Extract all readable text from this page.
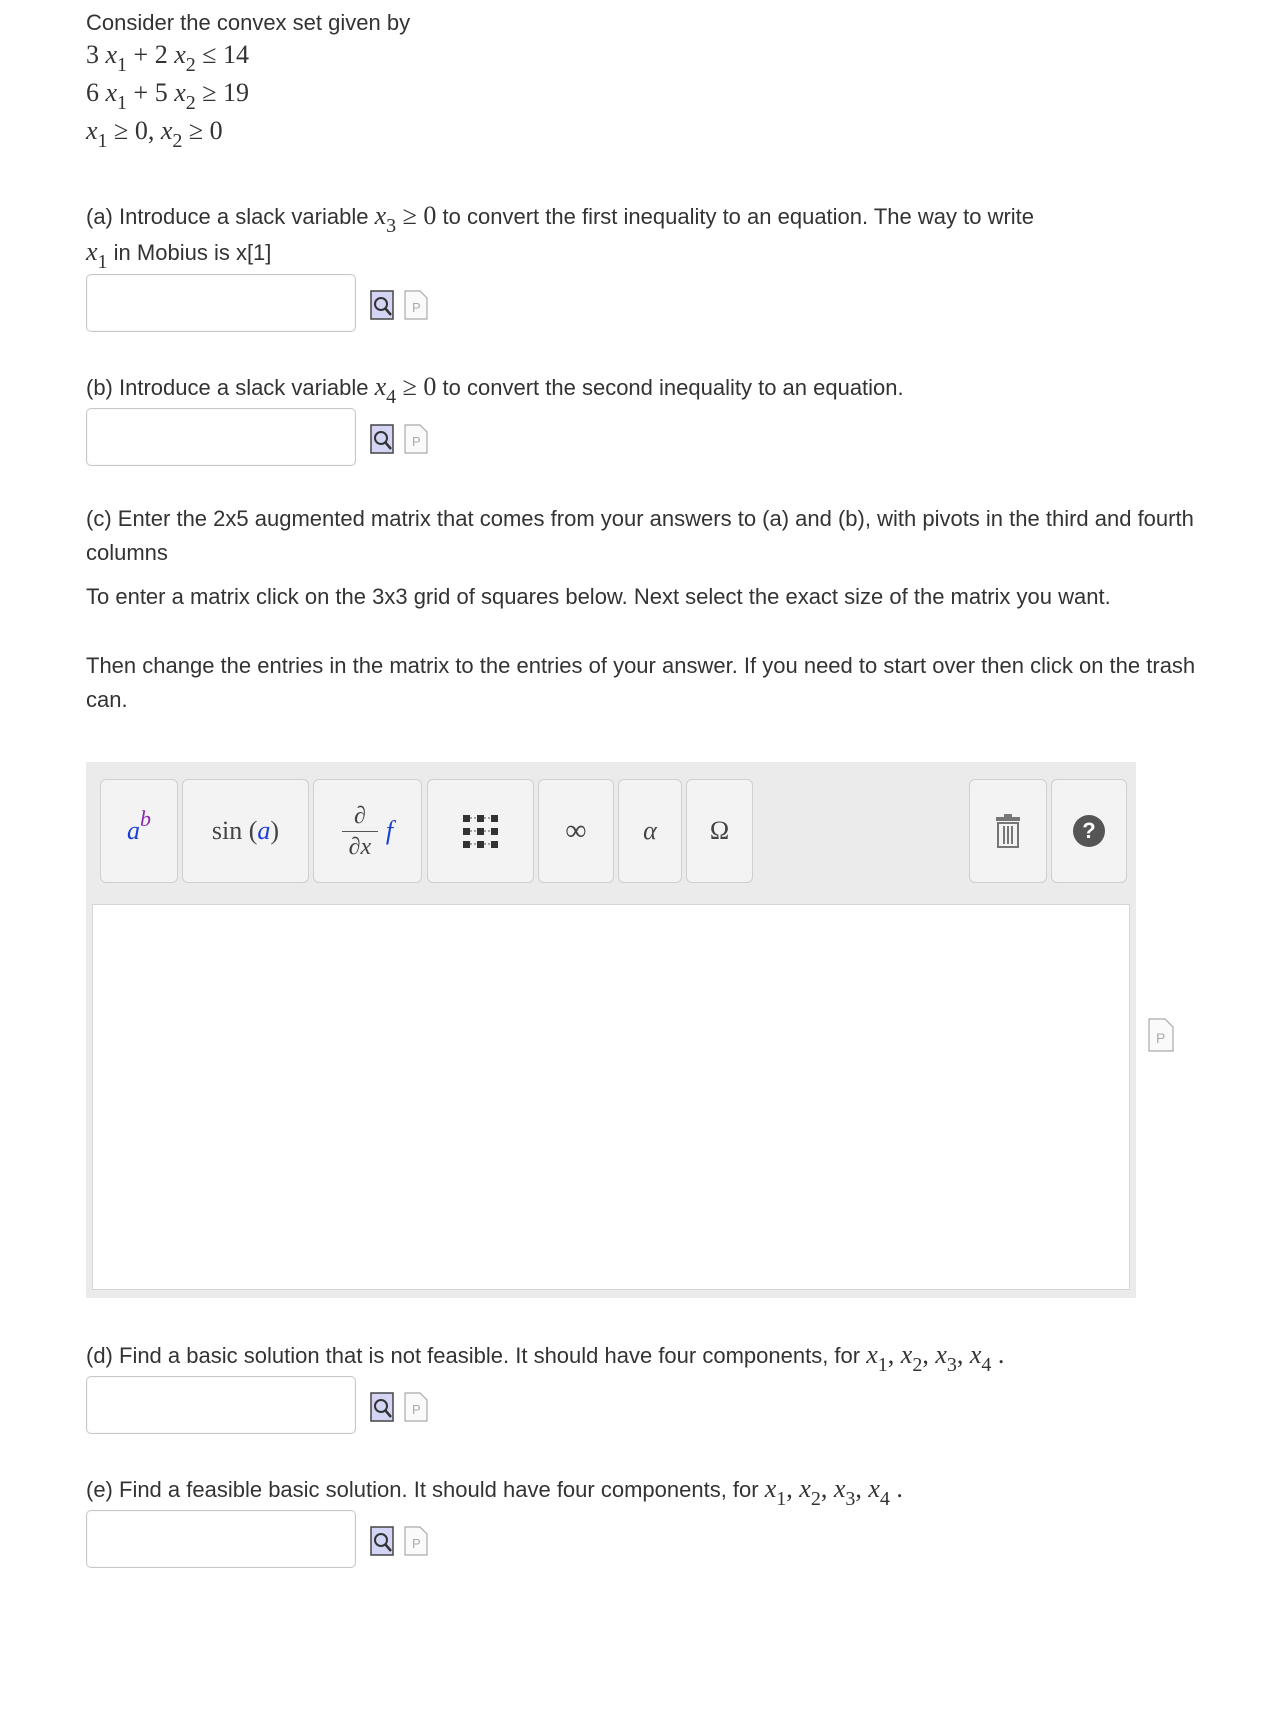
Consider the convex set given by
3 $x_1 + 2$ $x_2 \le 14$
6 $x_1 + 5$ $x_2 \ge 19$
$x_1 \ge 0$, $x_2 \ge 0$
(a) Introduce a slack variable $x_3 \ge 0$ to convert the first inequality to an equation. The way to write
$x_1$ in Mobius is x[1]
P
(b) Introduce a slack variable $x_4 \ge 0$ to convert the second inequality to an equation.
P
(c) Enter the 2x5 augmented matrix that comes from your answers to (a) and (b), with pivots in the third and fourth columns
To enter a matrix click on the 3x3 grid of squares below. Next select the exact size of the matrix you want.
Then change the entries in the matrix to the entries of your answer. If you need to start over then click on the trash can.
a b sin ( a )
∂
∂x
f	∞ α Ω	?
P
(d) Find a basic solution that is not feasible. It should have four components, for $x_1$, $x_2$, $x_3$, $x_4$ .
P
(e) Find a feasible basic solution. It should have four components, for $x_1$, $x_2$, $x_3$, $x_4$ .
P
